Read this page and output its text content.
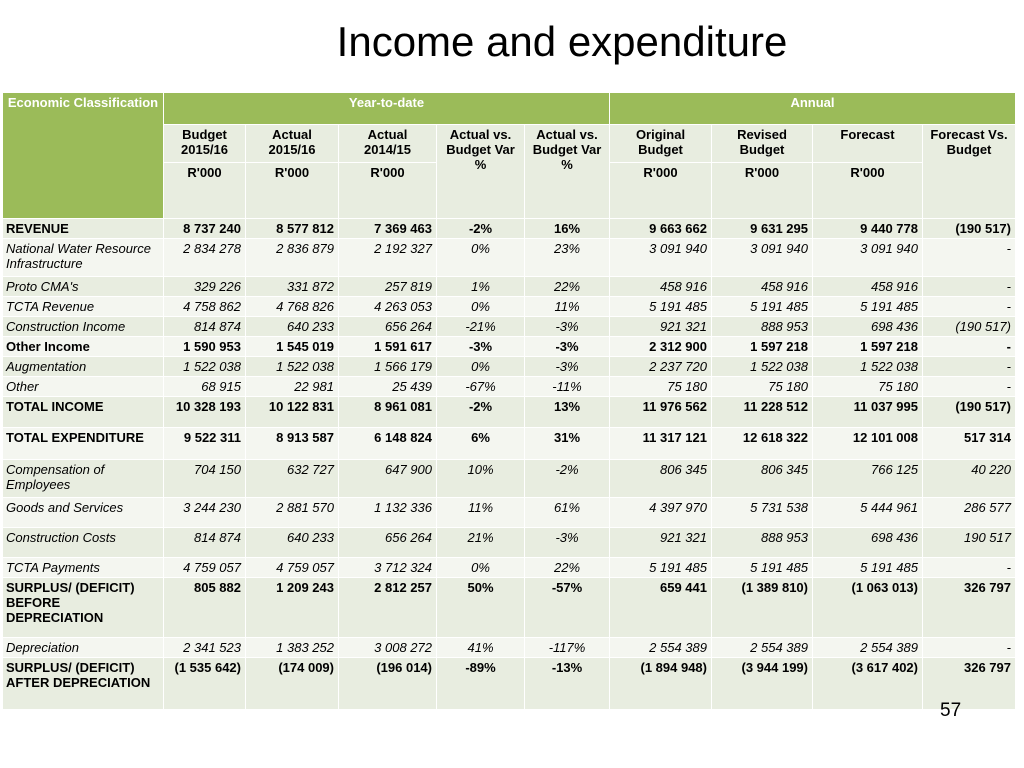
Income and expenditure
Economic Classification	Year-to-date					Annual			
	Budget 2015/16	Actual 2015/16	Actual 2014/15	Actual vs. Budget Var %	Actual vs. Budget Var %	Original Budget	Revised Budget	Forecast	Forecast Vs. Budget
	R'000	R'000	R'000			R'000	R'000	R'000	
REVENUE	8 737 240	8 577 812	7 369 463	-2%	16%	9 663 662	9 631 295	9 440 778	(190 517)
National Water Resource Infrastructure	2 834 278	2 836 879	2 192 327	0%	23%	3 091 940	3 091 940	3 091 940	-
Proto CMA's	329 226	331 872	257 819	1%	22%	458 916	458 916	458 916	-
TCTA Revenue	4 758 862	4 768 826	4 263 053	0%	11%	5 191 485	5 191 485	5 191 485	-
Construction Income	814 874	640 233	656 264	-21%	-3%	921 321	888 953	698 436	(190 517)
Other Income	1 590 953	1 545 019	1 591 617	-3%	-3%	2 312 900	1 597 218	1 597 218	-
Augmentation	1 522 038	1 522 038	1 566 179	0%	-3%	2 237 720	1 522 038	1 522 038	-
Other	68 915	22 981	25 439	-67%	-11%	75 180	75 180	75 180	-
TOTAL INCOME	10 328 193	10 122 831	8 961 081	-2%	13%	11 976 562	11 228 512	11 037 995	(190 517)
TOTAL EXPENDITURE	9 522 311	8 913 587	6 148 824	6%	31%	11 317 121	12 618 322	12 101 008	517 314
Compensation of Employees	704 150	632 727	647 900	10%	-2%	806 345	806 345	766 125	40 220
Goods and Services	3 244 230	2 881 570	1 132 336	11%	61%	4 397 970	5 731 538	5 444 961	286 577
Construction Costs	814 874	640 233	656 264	21%	-3%	921 321	888 953	698 436	190 517
TCTA Payments	4 759 057	4 759 057	3 712 324	0%	22%	5 191 485	5 191 485	5 191 485	-
SURPLUS/ (DEFICIT) BEFORE DEPRECIATION	805 882	1 209 243	2 812 257	50%	-57%	659 441	(1 389 810)	(1 063 013)	326 797
Depreciation	2 341 523	1 383 252	3 008 272	41%	-117%	2 554 389	2 554 389	2 554 389	-
SURPLUS/ (DEFICIT) AFTER DEPRECIATION	(1 535 642)	(174 009)	(196 014)	-89%	-13%	(1 894 948)	(3 944 199)	(3 617 402)	326 797
57
